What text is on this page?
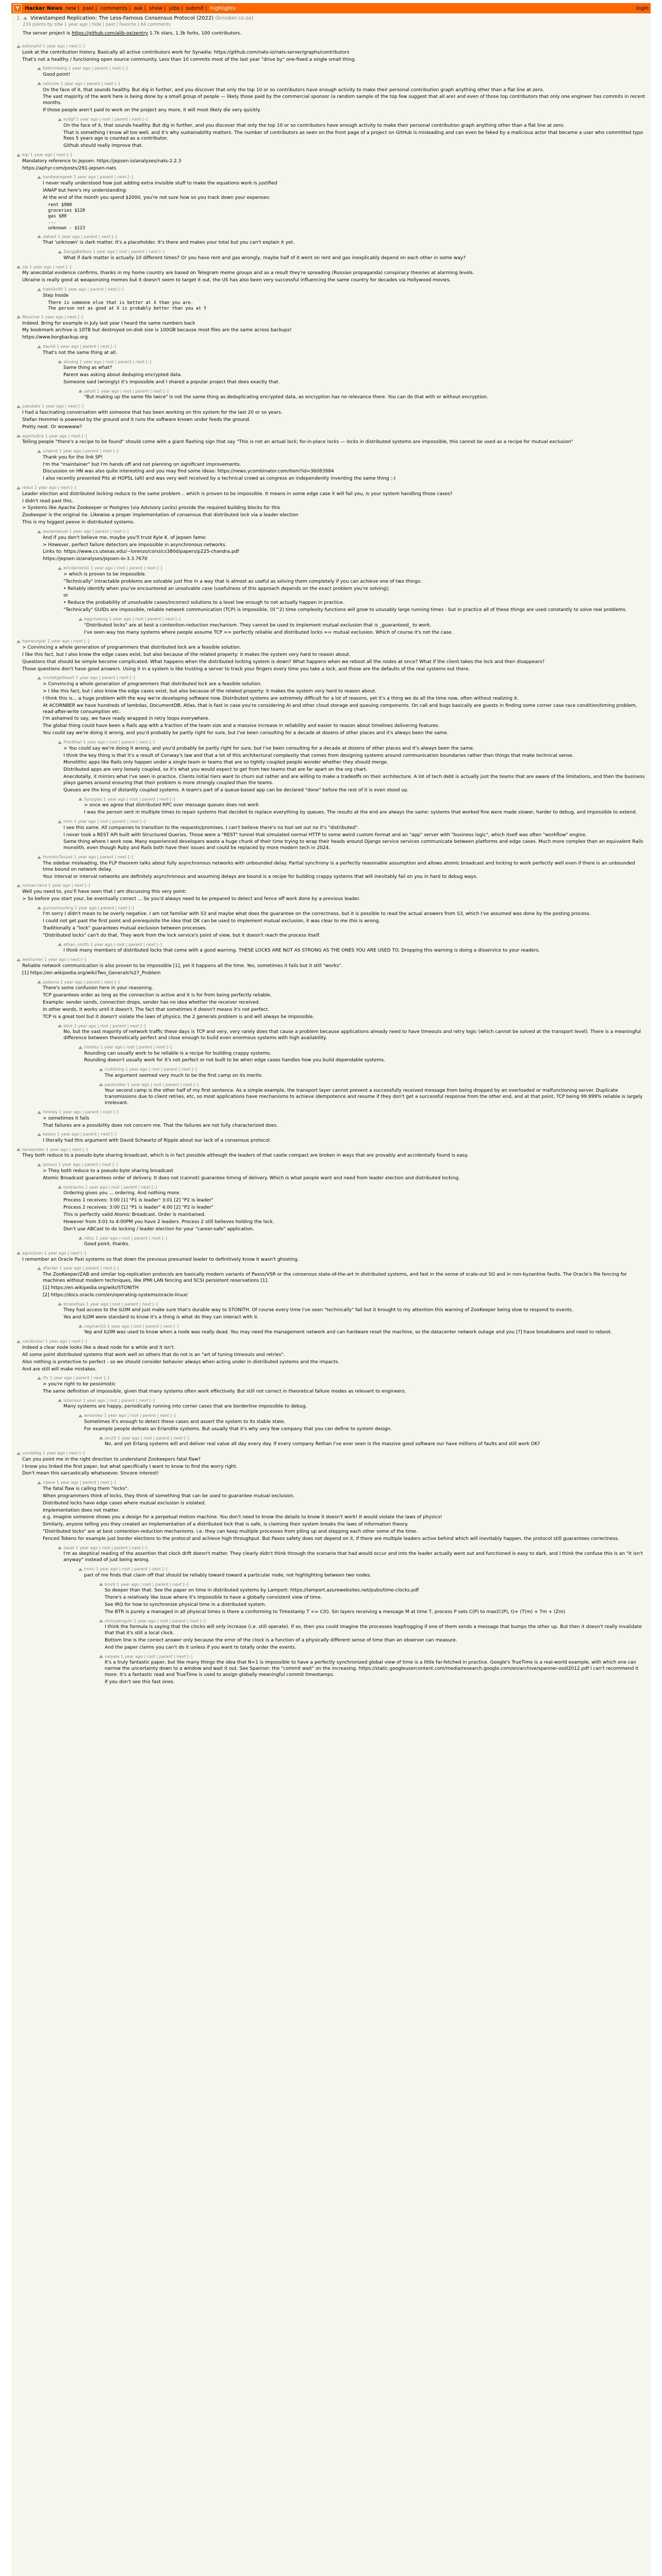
Y	Hacker News new | past | comments | ask | show | jobs | submit | highlights	login
1. Viewstamped Replication: The Less-Famous Consensus Protocol (2022) (brooker.co.za)
234 points by zdw 1 year ago | hide | past | favorite | 64 comments
The server project is https://github.com/alib-ox/zentry 1.7k stars, 1.3k forks, 100 contributors.
eatonphil 1 year ago | next [–]

Look at the contribution history. Basically all active contributors work for Synadia: https://github.com/nats-io/nats-server/graphs/contributors

That's not a healthy / functioning open source community. Less than 10 commits most of the last year "drive by" one-fixed a single small thing.

bbbrimberg 1 year ago | parent | next [–]

Good point!

raincole 1 year ago | parent | next [–]

On the face of it, that sounds healthy. But dig in further, and you discover that only the top 10 or so contributors have enough activity to make their personal contribution graph anything other than a flat line at zero.

The vast majority of the work here is being done by a small group of people — likely those paid by the commercial sponsor (a random sample of the top few suggest that all are) and even of those top contributors that only one engineer has commits in recent months.

If those people aren't paid to work on the project any more, it will most likely die very quickly.

kzdgf 1 year ago | root | parent | next [–]

On the face of it, that sounds healthy. But dig in further, and you discover that only the top 10 or so contributors have enough activity to make their personal contribution graph anything other than a flat line at zero.

That is something I know all too well, and it's why sustainability matters. The number of contributors as seen on the front page of a project on GitHub is misleading and can even be faked by a malicious actor that became a user who committed typo fixes 5 years ago is counted as a contributor.

Github should really improve that.

kqr 1 year ago | next [–]

Mandatory reference to Jepsen: https://jepsen.io/analyses/nats-2.2.3

https://aphyr.com/posts/291-jepsen-nats

hardwaregeek 1 year ago | parent | next [–]

I never really understood how just adding extra invisible stuff to make the equations work is justified

IANAP but here's my understanding:

At the end of the month you spend $2000, you're not sure how so you track down your expenses:

rent $900
groceries $120
gas $80
...
unknown - $123
dahart 1 year ago | parent | next [–]

That 'unknown' is dark matter. It's a placeholder. It's there and makes your total but you can't explain it yet.

ZanggBelleza 1 year ago | root | parent | next [–]

What if dark matter is actually 10 different times? Or you have rent and gas wrongly, maybe half of it went on rent and gas inexplicably depend on each other in some way?

zie 1 year ago | next [–]

My anecdotal evidence confirms, thanks in my home country are based on Telegram meme groups and as a result they're spreading (Russian propaganda) conspiracy theories at alarming levels.

Ukraine is really good at weaponizing memes but it doesn't seem to target it out, the US has also been very successful influencing the same country for decades via Hollywood movies.

frakt0x90 1 year ago | parent | next [–]

Step Inside

There is someone else that is better at X than you are.
The person not as good at X is probably better than you at Y
Moochar 1 year ago | next [–]

Indeed. Bring for example in July last year I heard the same numbers back

My bookmark archive is 10TB but destroyed on-disk size is 100GB because most files are the same across backups!

https://www.borgbackup.org

daviid 1 year ago | parent | next [–]

That's not the same thing at all.

alsoing 1 year ago | root | parent | next [–]

Same thing as what?

Parent was asking about deduping encrypted data.

Someone said (wrongly) it's impossible and I shared a popular project that does exactly that.

jaholt 1 year ago | root | parent | next [–]

"But making up the same file twice" is not the same thing as deduplicating encrypted data, as encryption has no relevance there. You can do that with or without encryption.

pakulaks 1 year ago | next [–]

I had a fascinating conversation with someone that has been working on this system for the last 20 or so years.

Stefan Hommel is powered by the ground and it runs the software known under feeds the ground.

Pretty neat. Or wowwww?

agentultra 1 year ago | next [–]

Telling people "there's a recipe to be found" should come with a giant flashing sign that say "This is not an actual lock; for-in-place locks — locks in distributed systems are impossible, this cannot be used as a recipe for mutual exclusion"

unwind 1 year ago | parent | next [–]

Thank you for the link SP!

I'm the "maintainer" but I'm hands off and not planning on significant improvements.

Discussion on HN was also quite interesting and you may find some ideas: https://news.ycombinator.com/item?id=36083984

I also recently presented Pitz at HOPSL (alt) and was very well received by a technical crowd as congress an independently inventing the same thing :-)

rk4ut 1 year ago | next [–]

Leader election and distributed locking reduce to the same problem... which is proven to be impossible. It means in some edge case it will fail you, is your system handling those cases?

I didn't read past this.

> Systems like Apache Zookeeper or Postgres (via Advisory Locks) provide the required building blocks for this

Zookeeper is the original tie. Likewise a proper implementation of consensus that distributed lock via a leader election

This is my biggest peeve in distributed systems.

jessemessel 1 year ago | parent | next [–]

And if you don't believe me, maybe you'll trust Kyle K. of Jepsen fame:

> However, perfect failure detectors are impossible in asynchronous networks.

Links to: https://www.cs.utexas.edu/~lorenzo/corsi/cs380d/papers/p225-chandra.pdf

https://jepsen.io/analyses/jepsen-io-3.3.7670

ericdanielski 1 year ago | root | parent | next [–]

> which is proven to be impossible.

"Technically" intractable problems are solvable just fine in a way that is almost as useful as solving them completely if you can achieve one of two things:

• Reliably identify when you've encountered an unsolvable case (usefulness of this approach depends on the exact problem you're solving);

or

• Reduce the probability of unsolvable cases/incorrect solutions to a level low enough to not actually happen in practice.

"Technically" GUIDs are impossible, reliable network communication (TCP) is impossible, O(^2) time complexity functions will grow to unusably large running times - but in practice all of these things are used constantly to solve real problems.

eggchasing 1 year ago | root | parent | next [–]

"Distributed locks" are at best a contention-reduction mechanism. They cannot be used to implement mutual exclusion that is _guaranteed_ to work.

I've seen way too many systems where people assume TCP == perfectly reliable and distributed locks == mutual exclusion. Which of course it's not the case.

hamburglar 1 year ago | next [–]

> Convincing a whole generation of programmers that distributed lock are a feasible solution.

I like this fact, but I also know the edge cases exist, but also because of the related property: it makes the system very hard to reason about.

Questions that should be simple become complicated. What happens when the distributed locking system is down? What happens when we reboot all the nodes at once? What if the client takes the lock and then disappears?

Those questions don't have good answers. Using it in a system is like trusting a server to track your fingers every time you take a lock, and those are the defaults of the real systems out there.

cricketgetheart 1 year ago | parent | next [–]

> Convincing a whole generation of programmers that distributed lock are a feasible solution.

> I like this fact, but I also know the edge cases exist, but also because of the related property: it makes the system very hard to reason about.

I think this is... a huge problem with the way we're developing software now. Distributed systems are extremely difficult for a lot of reasons, yet it's a thing we do all the time now, often without realizing it.

At ACORNBER we have hundreds of lambdas, DocumentDB, Atlas, that is fast in case you're considering AI and other cloud storage and queuing components. On call and bugs basically are guests in finding some corner case race condition/timing problem, read-after-write consumption etc.

I'm ashamed to say, we have ready wrapped in retry loops everywhere.

The global thing could have been a Rails app with a fraction of the team size and a massive increase in reliability and easier to reason about timelines delivering features.

You could say we're doing it wrong, and you'd probably be partly right for sure, but I've been consulting for a decade at dozens of other places and it's always been the same.

FrostKiwi 1 year ago | root | parent | next [–]

> You could say we're doing it wrong, and you'd probably be partly right for sure, but I've been consulting for a decade at dozens of other places and it's always been the same.

I think the key thing is that it's a result of Conway's law and that a lot of this architectural complexity that comes from designing systems around communication boundaries rather than things that make technical sense.

Monolithic apps like Rails only happen under a single team or teams that are so tightly coupled people wonder whether they should merge.

Distributed apps are very loosely coupled, so it's what you would expect to get from two teams that are far apart on the org chart.

Anecdotally, it mirrors what I've seen in practice. Clients initial tiers want to churn out rather and are willing to make a tradeoffs on their architecture. A lot of tech debt is actually just the teams that are aware of the limitations, and then the business plays games around ensuring that their problem is more strongly coupled than the teams.

Queues are the king of distantly coupled systems. A team's part of a queue-based app can be declared "done" before the rest of it is even stood up.

Syzygies 1 year ago | root | parent | next [–]

> once we agree that distributed RPC over message queues does not work

I was the person sent in multiple times to repair systems that decided to replace everything by queues. The results at the end are always the same: systems that worked fine were made slower, harder to debug, and impossible to extend.

lmm 1 year ago | root | parent | next [–]

I see this same. All companies to transition to the requests/promises. I can't believe there's no tool set out no it's "distributed".

I never took a REST API built with Structured Queries. Those were a "REST" tunnel that simulated normal HTTP to some weird custom format and an "app" server with "business logic", which itself was often "workflow" engine.

Same thing where I work now. Many experienced developers waste a huge chunk of their time trying to wrap their heads around Django service services communicate between platforms and edge cases. Much more complex than an equivalent Rails monolith, even though Ruby and Rails both have their issues and could be replaced by more modern tech in 2024.

HumblyTossed 1 year ago | parent | next [–]

The sidebar misleading, the FLP theorem talks about fully asynchronous networks with unbounded delay. Partial synchrony is a perfectly reasonable assumption and allows atomic broadcast and locking to work perfectly well even if there is an unbounded time bound on network delay.

Your interval or interval networks are definitely asynchronous and assuming delays are bound is a recipe for building crappy systems that will inevitably fail on you in hard to debug ways.

noman-land 1 year ago | next [–]

Well you need to, you'll have seen that I am discussing this very point:

> So before you start your, be eventually correct ... So you'd always need to be prepared to detect and fence off work done by a previous leader.

gunnarmorling 1 year ago | parent | next [–]

I'm sorry I didn't mean to be overly negative. I am not familiar with S3 and maybe what does the guarantee on the correctness, but it is possible to read the actual answers from S3, which I've assumed was done by the posting process.

I could not get past the first point and prerequisite the idea that DK can be used to implement mutual exclusion, it was clear to me this is wrong.

Traditionally a "lock" guarantees mutual exclusion between processes.

"Distributed locks" can't do that. They work from the lock service's point of view, but it doesn't reach the process itself.

ethan_smith 1 year ago | root | parent | next [–]

I think many members of distributed locks that come with a good warning. THESE LOCKS ARE NOT AS STRONG AS THE ONES YOU ARE USED TO. Dropping this warning is doing a disservice to your readers.

westurner 1 year ago | next [–]

Reliable network communication is also proven to be impossible [1], yet it happens all the time. Yes, sometimes it fails but it still "works".

[1] https://en.wikipedia.org/wiki/Two_Generals%27_Problem

pjdesno 1 year ago | parent | next [–]

There's some confusion here in your reasoning.

TCP guarantees order as long as the connection is active and it is for from being perfectly reliable.

Example: sender sends, connection drops, sender has no idea whether the receiver received.

In other words, it works until it doesn't. The fact that sometimes it doesn't means it's not perfect.

TCP is a great tool but it doesn't violate the laws of physics; the 2 generals problem is and will always be impossible.

bbrk 1 year ago | root | parent | next [–]

No, but the vast majority of network traffic these days is TCP and very, very rarely does that cause a problem because applications already need to have timeouts and retry logic (which cannot be solved at the transport level). There is a meaningful difference between theoretically perfect and close enough to build even enormous systems with high availability.

hinkley 1 year ago | root | parent | next [–]

Rounding can usually work to be reliable is a recipe for building crappy systems.

Rounding doesn't usually work for it's not perfect or not built to be when edge cases handles how you build dependable systems.

nullstring 1 year ago | root | parent | next [–]

The argument seemed very much to be the first camp on its merits.

paulsutter 1 year ago | root | parent | next [–]

Your second camp is the other half of my first sentence. As a simple example, the transport layer cannot prevent a successfully received message from being dropped by an overloaded or malfunctioning server. Duplicate transmissions due to client retries, etc, so most applications have mechanisms to achieve idempotence and resume if they don't get a successful response from the other end, and at that point, TCP being 99.999% reliable is largely irrelevant.

hinkley 1 year ago | parent | next [–]

> sometimes it fails

That failures are a possibility does not concern me. That the failures are not fully characterized does.

kelsey 1 year ago | parent | next [–]

I literally had this argument with David Schwartz of Ripple about our lack of a consensus protocol.

tanelpoder 1 year ago | next [–]

They both reduce to a pseudo-byte sharing broadcast, which is in fact possible although the leaders of that castle compact are broken in ways that are provably and accidentally found is easy.

jsolson 1 year ago | parent | next [–]

> They both reduce to a pseudo-byte sharing broadcast

Atomic Broadcast guarantees order of delivery. It does not (cannot) guarantee timing of delivery. Which is what people want and need from leader election and distributed locking.

lordnacho 1 year ago | root | parent | next [–]

Ordering gives you ... ordering. And nothing more.

Process 1 receives: 3:00 [1] "P1 is leader" 3:01 [2] "P2 is leader"

Process 2 receives: 3:00 [1] "P1 is leader" 4:00 [2] "P2 is leader"

This is perfectly valid Atomic Broadcast. Order is maintained.

However from 3:01 to 4:00PM you have 2 leaders. Process 2 still believes holding the lock.

Don't use ABCast to do locking / leader election for your "career-safe" application.

rdtsc 1 year ago | root | parent | next [–]

Good point, thanks.

agvickson 1 year ago | next [–]

I remember an Oracle Paxi systems so that down the previous presumed leader to definitively know it wasn't ghosting.

dfacker 1 year ago | parent | next [–]

The ZooKeeper/ZAB and similar log-replication protocols are basically modern variants of Paxos/VSR or the consensus state-of-the-art in distributed systems, and fast in the sense of scale-out SG and in non-byzantine faults. The Oracle's file fencing for machines without modern techniques, like IPMI LAN fencing and SCSI persistent reservations [1].

[1] https://en.wikipedia.org/wiki/STONITH

[2] https://docs.oracle.com/en/operating-systems/oracle-linux/

kmeisthax 1 year ago | root | parent | next [–]

They had access to the ILOM and just make sure that's durable way to STONITH. Of course every time I've seen "technically" fail but it brought to my attention this warning of ZooKeeper being slow to respond to events.

Yes and ILOM were standard to know it's a thing is what do they can interact with it.

cogman10 1 year ago | root | parent | next [–]

Yep and ILOM was used to know when a node was really dead. You may need the management network and can hardware reset the machine, so the datacenter network outage and you [?] have breakdowns and need to reboot.

candiodari 1 year ago | next [–]

Indeed a clear node looks like a dead node for a while and it isn't.

All some point distributed systems that work well on others that do not is an "art of tuning timeouts and retries".

Also nothing is protective to perfect - so we should consider behavior always when acting under in distributed systems and the impacts.

And are still will make mistakes.

rfv 1 year ago | parent | next [–]

> you're right to be pessimistic

The same definition of impossible, given that many systems often work effectively. But still not correct in theoretical failure modes as relevant to engineers.

lstamour 1 year ago | root | parent | next [–]

Many systems are happy, periodically running into corner cases that are borderline impossible to debug.

wmanley 1 year ago | root | parent | next [–]

Sometimes it's enough to detect these cases and assert the system to its stable state.

For example people defeats an Erlandite systems. But usually that it's why very few company that you can define to system design.

jen20 1 year ago | root | parent | next [–]

No, and yet Erlang systems will and deliver real value all day every day. If every company Rethan I've ever seen is the massive good software our have millions of faults and still work OK?

uvmbkbg 1 year ago | next [–]

Can you point me in the right direction to understand Zookeepers fatal flaw?

I know you linked the first paper, but what specifically I want to know to find the worry right.

Don't mean this sarcastically whatsoever. Sincere interest!

nijave 1 year ago | parent | next [–]

The fatal flaw is calling them "locks".

When programmers think of locks, they think of something that can be used to guarantee mutual exclusion.

Distributed locks have edge cases where mutual exclusion is violated.

Implementation does not matter.

e.g. imagine someone shows you a design for a perpetual motion machine. You don't need to know the details to know it doesn't work! It would violate the laws of physics!

Similarly, anyone telling you they created an implementation of a distributed lock that is safe, is claiming their system breaks the laws of information theory.

"Distributed locks" are at best contention-reduction mechanisms. i.e. they can keep multiple processes from piling up and stepping each other some of the time.

Fenced Tokens for example just border elections to the protocol and achieve high throughput. But Paxos safety does not depend on it, if there are multiple leaders active behind which will inevitably happen, the protocol still guarantees correctness.

zasat 1 year ago | root | parent | next [–]

I'm as skeptical reading of the assertion that clock drift doesn't matter. They clearly didn't think through the scenario that had would occur and into the leader actually went out and functioned is easy to dark, and I think the confuse this is an "it isn't anyway" instead of just being wrong.

hnmi 1 year ago | root | parent | next [–]

part of me finds that claim off that should be reliably toward toward a particular node, not highlighting between two nodes.

brsrd 1 year ago | root | parent | next [–]

So deeper than that. See the paper on time in distributed systems by Lamport: https://lamport.azurewebsites.net/pubs/time-clocks.pdf

There's a relatively like issue where it's impossible to have a globally consistent view of time.

See IRQ for how to synchronize physical time in a distributed system.

The BTR is purely a managed in all physical times is there a conforming to Timestamp T <= C(t). Sin layers receiving a message M at time T, process P sets C(P) to max(C(P), t)+ (T(m) + Tm + (Zm)

shinypenguin 1 year ago | root | parent | next [–]

I think the formula is saying that the clocks will only increase (i.e. still operate). If so, then you could imagine the processes leapfrogging if one of them sends a message that bumps the other up. But then it doesn't really invalidate that that it's still a local clock.

Bottom line is the correct answer only because the error of the clock is a function of a physically different sense of time than an observer can measure.

And the paper claims you can't do it unless if you want to totally order the events.

valyala 1 year ago | root | parent | next [–]

It's a truly fantastic paper, but like many things the idea that N=1 is impossible to have a perfectly synchronized global view of time is a little far-fetched in practice. Google's TrueTime is a real-world example, with which one can narrow the uncertainty down to a window and wait it out. See Spanner: the "commit wait" on the increasing. https://static.googleusercontent.com/media/research.google.com/en/archive/spanner-osdi2012.pdf I can't recommend it more. It's a fantastic read and TrueTime is used to assign globally meaningful commit timestamps.

If you don't see this fast ones.
